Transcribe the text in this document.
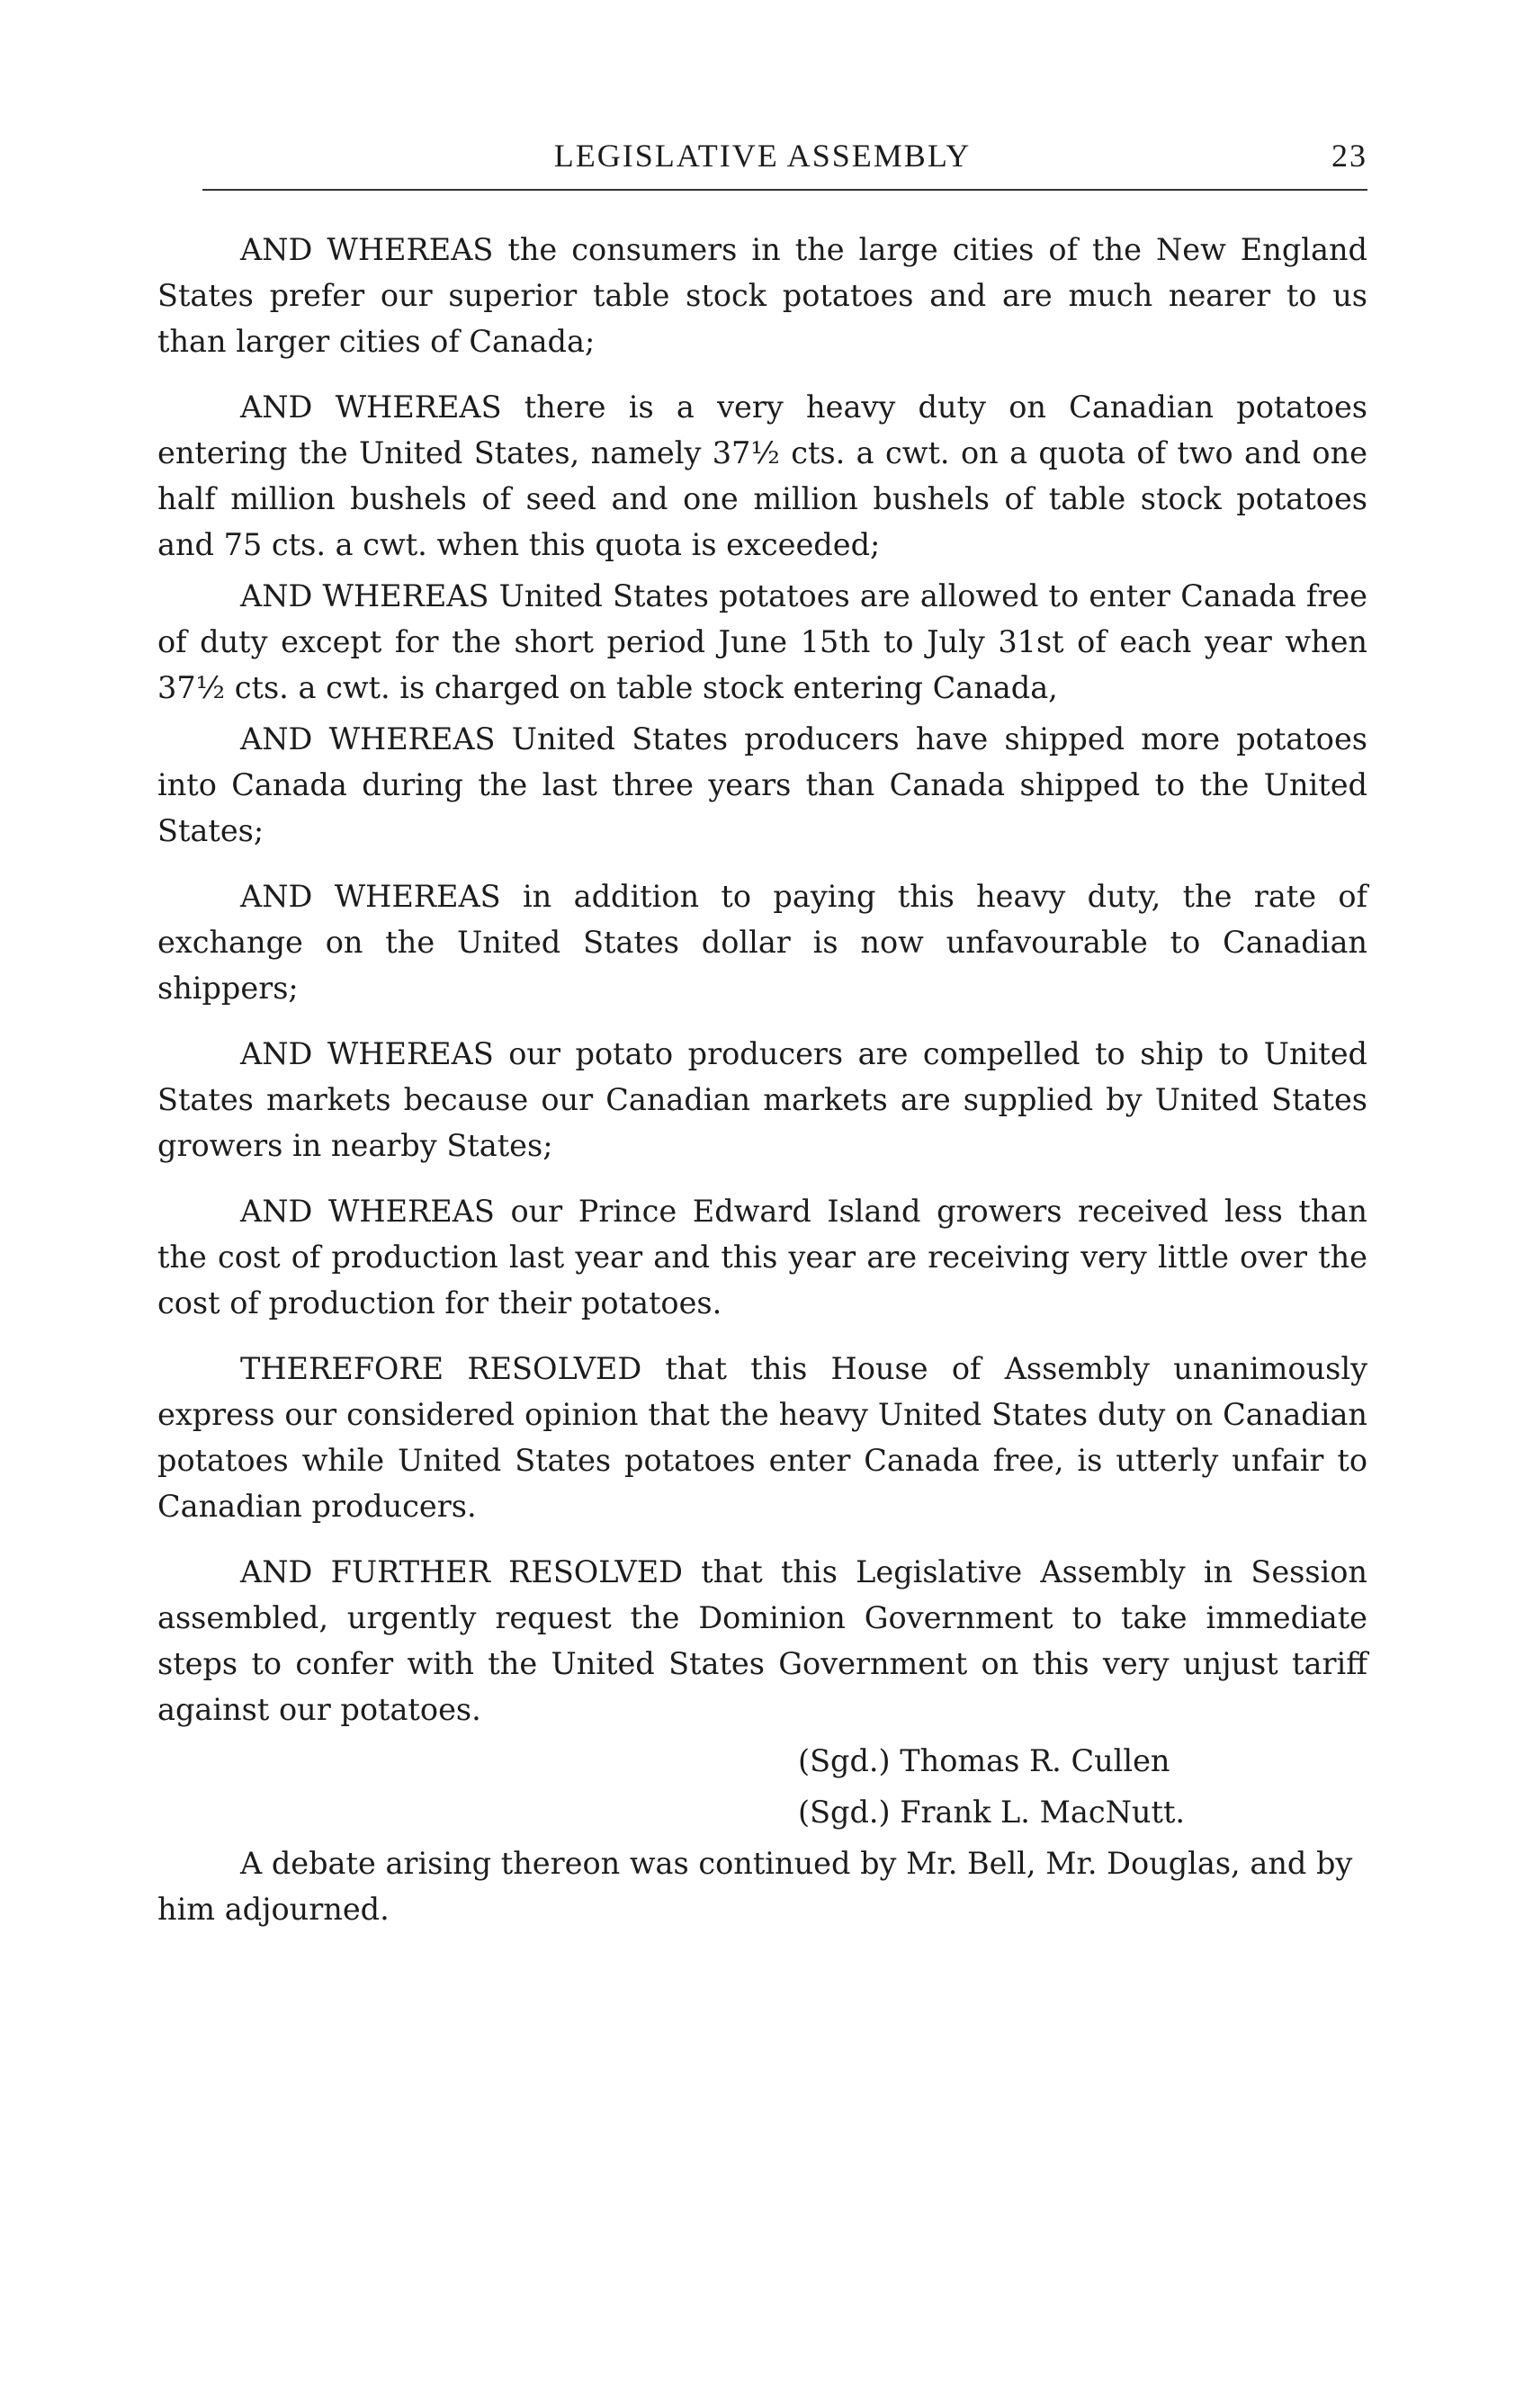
LEGISLATIVE ASSEMBLY	23

AND WHEREAS the consumers in the large cities of the New England States prefer our superior table stock potatoes and are much nearer to us than larger cities of Canada;

AND WHEREAS there is a very heavy duty on Canadian potatoes entering the United States, namely 37½ cts. a cwt. on a quota of two and one half million bushels of seed and one million bushels of table stock potatoes and 75 cts. a cwt. when this quota is exceeded;

AND WHEREAS United States potatoes are allowed to enter Canada free of duty except for the short period June 15th to July 31st of each year when 37½ cts. a cwt. is charged on table stock entering Canada,

AND WHEREAS United States producers have shipped more potatoes into Canada during the last three years than Canada shipped to the United States;

AND WHEREAS in addition to paying this heavy duty, the rate of exchange on the United States dollar is now unfavourable to Canadian shippers;

AND WHEREAS our potato producers are compelled to ship to United States markets because our Canadian markets are supplied by United States growers in nearby States;

AND WHEREAS our Prince Edward Island growers received less than the cost of production last year and this year are receiving very little over the cost of production for their potatoes.

THEREFORE RESOLVED that this House of Assembly unanimously express our considered opinion that the heavy United States duty on Canadian potatoes while United States potatoes enter Canada free, is utterly unfair to Canadian producers.

AND FURTHER RESOLVED that this Legislative Assembly in Session assembled, urgently request the Dominion Government to take immediate steps to confer with the United States Government on this very unjust tariff against our potatoes.

(Sgd.) Thomas R. Cullen

(Sgd.) Frank L. MacNutt.

A debate arising thereon was continued by Mr. Bell, Mr. Douglas, and by him adjourned.
